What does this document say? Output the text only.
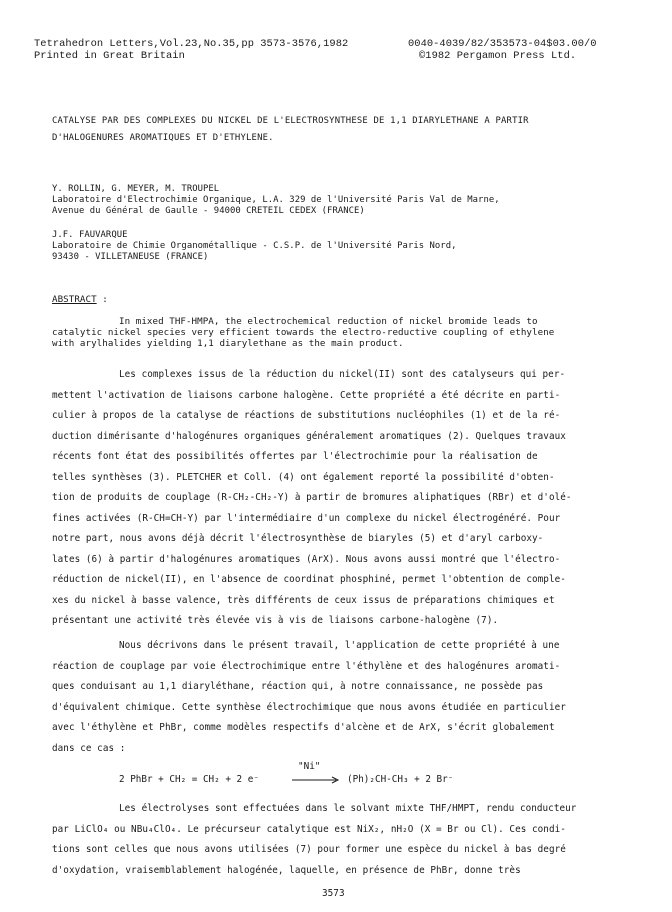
Tetrahedron Letters,Vol.23,No.35,pp 3573-3576,1982	0040-4039/82/353573-04$03.00/0
Printed in Great Britain	©1982 Pergamon Press Ltd.
CATALYSE PAR DES COMPLEXES DU NICKEL DE L'ELECTROSYNTHESE DE 1,1 DIARYLETHANE A PARTIR
D'HALOGENURES AROMATIQUES ET D'ETHYLENE.
Y. ROLLIN, G. MEYER, M. TROUPEL
Laboratoire d'Electrochimie Organique, L.A. 329 de l'Université Paris Val de Marne,
Avenue du Général de Gaulle - 94000 CRETEIL CEDEX (FRANCE)
J.F. FAUVARQUE
Laboratoire de Chimie Organométallique - C.S.P. de l'Université Paris Nord,
93430 - VILLETANEUSE (FRANCE)
ABSTRACT :
In mixed THF-HMPA, the electrochemical reduction of nickel bromide leads to
catalytic nickel species very efficient towards the electro-reductive coupling of ethylene
with arylhalides yielding 1,1 diarylethane as the main product.
Les complexes issus de la réduction du nickel(II) sont des catalyseurs qui per-
mettent l'activation de liaisons carbone halogène. Cette propriété a été décrite en parti-
culier à propos de la catalyse de réactions de substitutions nucléophiles (1) et de la ré-
duction dimérisante d'halogénures organiques généralement aromatiques (2). Quelques travaux
récents font état des possibilités offertes par l'électrochimie pour la réalisation de
telles synthèses (3). PLETCHER et Coll. (4) ont également reporté la possibilité d'obten-
tion de produits de couplage (R-CH₂-CH₂-Y) à partir de bromures aliphatiques (RBr) et d'olé-
fines activées (R-CH=CH-Y) par l'intermédiaire d'un complexe du nickel électrogénéré. Pour
notre part, nous avons déjà décrit l'électrosynthèse de biaryles (5) et d'aryl carboxy-
lates (6) à partir d'halogénures aromatiques (ArX). Nous avons aussi montré que l'électro-
réduction de nickel(II), en l'absence de coordinat phosphiné, permet l'obtention de comple-
xes du nickel à basse valence, très différents de ceux issus de préparations chimiques et
présentant une activité très élevée vis à vis de liaisons carbone-halogène (7).
Nous décrivons dans le présent travail, l'application de cette propriété à une
réaction de couplage par voie électrochimique entre l'éthylène et des halogénures aromati-
ques conduisant au 1,1 diaryléthane, réaction qui, à notre connaissance, ne possède pas
d'équivalent chimique. Cette synthèse électrochimique que nous avons étudiée en particulier
avec l'éthylène et PhBr, comme modèles respectifs d'alcène et de ArX, s'écrit globalement
dans ce cas :
2 PhBr + CH₂ = CH₂ + 2 e⁻
"Ni"
→ (Ph)₂CH-CH₃ + 2 Br⁻
Les électrolyses sont effectuées dans le solvant mixte THF/HMPT, rendu conducteur
par LiClO₄ ou NBu₄ClO₄. Le précurseur catalytique est NiX₂, nH₂O (X = Br ou Cl). Ces condi-
tions sont celles que nous avons utilisées (7) pour former une espèce du nickel à bas degré
d'oxydation, vraisemblablement halogénée, laquelle, en présence de PhBr, donne très
3573
